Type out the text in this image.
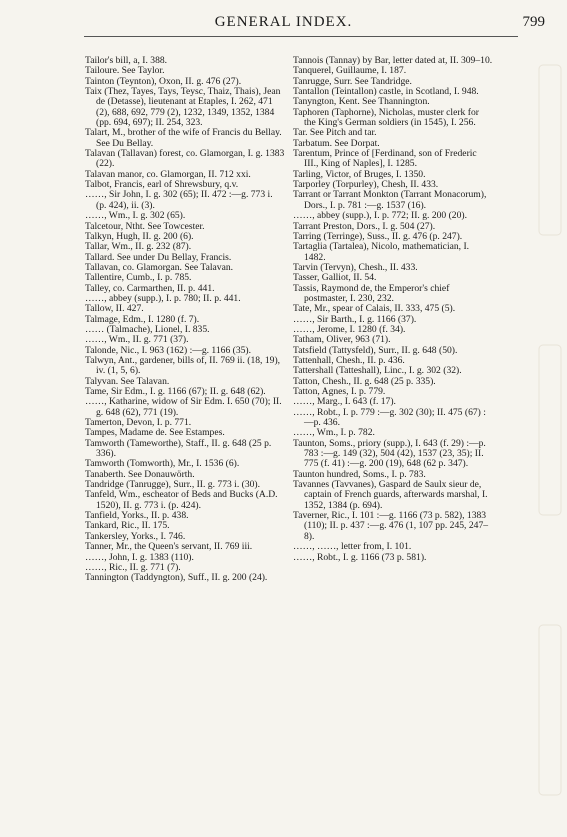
GENERAL INDEX.	799

Tailor's bill, a, I. 388.

Tailoure. See Taylor.

Tainton (Teynton), Oxon, II. g. 476 (27).

Taix (Thez, Tayes, Tays, Teysc, Thaiz, Thais), Jean de (Detasse), lieutenant at Etaples, I. 262, 471 (2), 688, 692, 779 (2), 1232, 1349, 1352, 1384 (pp. 694, 697); II. 254, 323.

Talart, M., brother of the wife of Francis du Bellay. See Du Bellay.

Talavan (Tallavan) forest, co. Glamorgan, I. g. 1383 (22).

Talavan manor, co. Glamorgan, II. 712 xxi.

Talbot, Francis, earl of Shrewsbury, q.v.

……, Sir John, I. g. 302 (65); II. 472 :—g. 773 i. (p. 424), ii. (3).

……, Wm., I. g. 302 (65).

Talcetour, Ntht. See Towcester.

Talkyn, Hugh, II. g. 200 (6).

Tallar, Wm., II. g. 232 (87).

Tallard. See under Du Bellay, Francis.

Tallavan, co. Glamorgan. See Talavan.

Tallentire, Cumb., I. p. 785.

Talley, co. Carmarthen, II. p. 441.

……, abbey (supp.), I. p. 780; II. p. 441.

Tallow, II. 427.

Talmage, Edm., I. 1280 (f. 7).

…… (Talmache), Lionel, I. 835.

……, Wm., II. g. 771 (37).

Talonde, Nic., I. 963 (162) :—g. 1166 (35).

Talwyn, Ant., gardener, bills of, II. 769 ii. (18, 19), iv. (1, 5, 6).

Talyvan. See Talavan.

Tame, Sir Edm., I. g. 1166 (67); II. g. 648 (62).

……, Katharine, widow of Sir Edm. I. 650 (70); II. g. 648 (62), 771 (19).

Tamerton, Devon, I. p. 771.

Tampes, Madame de. See Estampes.

Tamworth (Tameworthe), Staff., II. g. 648 (25 p. 336).

Tamworth (Tomworth), Mr., I. 1536 (6).

Tanaberth. See Donauwörth.

Tandridge (Tanrugge), Surr., II. g. 773 i. (30).

Tanfeld, Wm., escheator of Beds and Bucks (A.D. 1520), II. g. 773 i. (p. 424).

Tanfield, Yorks., II. p. 438.

Tankard, Ric., II. 175.

Tankersley, Yorks., I. 746.

Tanner, Mr., the Queen's servant, II. 769 iii.

……, John, I. g. 1383 (110).

……, Ric., II. g. 771 (7).

Tannington (Taddyngton), Suff., II. g. 200 (24).

Tannois (Tannay) by Bar, letter dated at, II. 309–10.

Tanquerel, Guillaume, I. 187.

Tanrugge, Surr. See Tandridge.

Tantallon (Teintallon) castle, in Scotland, I. 948.

Tanyngton, Kent. See Thannington.

Taphoren (Taphorne), Nicholas, muster clerk for the King's German soldiers (in 1545), I. 256.

Tar. See Pitch and tar.

Tarbatum. See Dorpat.

Tarentum, Prince of [Ferdinand, son of Frederic III., King of Naples], I. 1285.

Tarling, Victor, of Bruges, I. 1350.

Tarporley (Torpurley), Chesh, II. 433.

Tarrant or Tarrant Monkton (Tarrant Monacorum), Dors., I. p. 781 :—g. 1537 (16).

……, abbey (supp.), I. p. 772; II. g. 200 (20).

Tarrant Preston, Dors., I. g. 504 (27).

Tarring (Terringe), Suss., II. g. 476 (p. 247).

Tartaglia (Tartalea), Nicolo, mathematician, I. 1482.

Tarvin (Tervyn), Chesh., II. 433.

Tasser, Galliot, II. 54.

Tassis, Raymond de, the Emperor's chief postmaster, I. 230, 232.

Tate, Mr., spear of Calais, II. 333, 475 (5).

……, Sir Barth., I. g. 1166 (37).

……, Jerome, I. 1280 (f. 34).

Tatham, Oliver, 963 (71).

Tatsfield (Tattysfeld), Surr., II. g. 648 (50).

Tattenhall, Chesh., II. p. 436.

Tattershall (Tatteshall), Linc., I. g. 302 (32).

Tatton, Chesh., II. g. 648 (25 p. 335).

Tatton, Agnes, I. p. 779.

……, Marg., I. 643 (f. 17).

……, Robt., I. p. 779 :—g. 302 (30); II. 475 (67) :—p. 436.

……, Wm., I. p. 782.

Taunton, Soms., priory (supp.), I. 643 (f. 29) :—p. 783 :—g. 149 (32), 504 (42), 1537 (23, 35); II. 775 (f. 41) :—g. 200 (19), 648 (62 p. 347).

Taunton hundred, Soms., I. p. 783.

Tavannes (Tavvanes), Gaspard de Saulx sieur de, captain of French guards, afterwards marshal, I. 1352, 1384 (p. 694).

Taverner, Ric., I. 101 :—g. 1166 (73 p. 582), 1383 (110); II. p. 437 :—g. 476 (1, 107 pp. 245, 247–8).

……, ……, letter from, I. 101.

……, Robt., I. g. 1166 (73 p. 581).
